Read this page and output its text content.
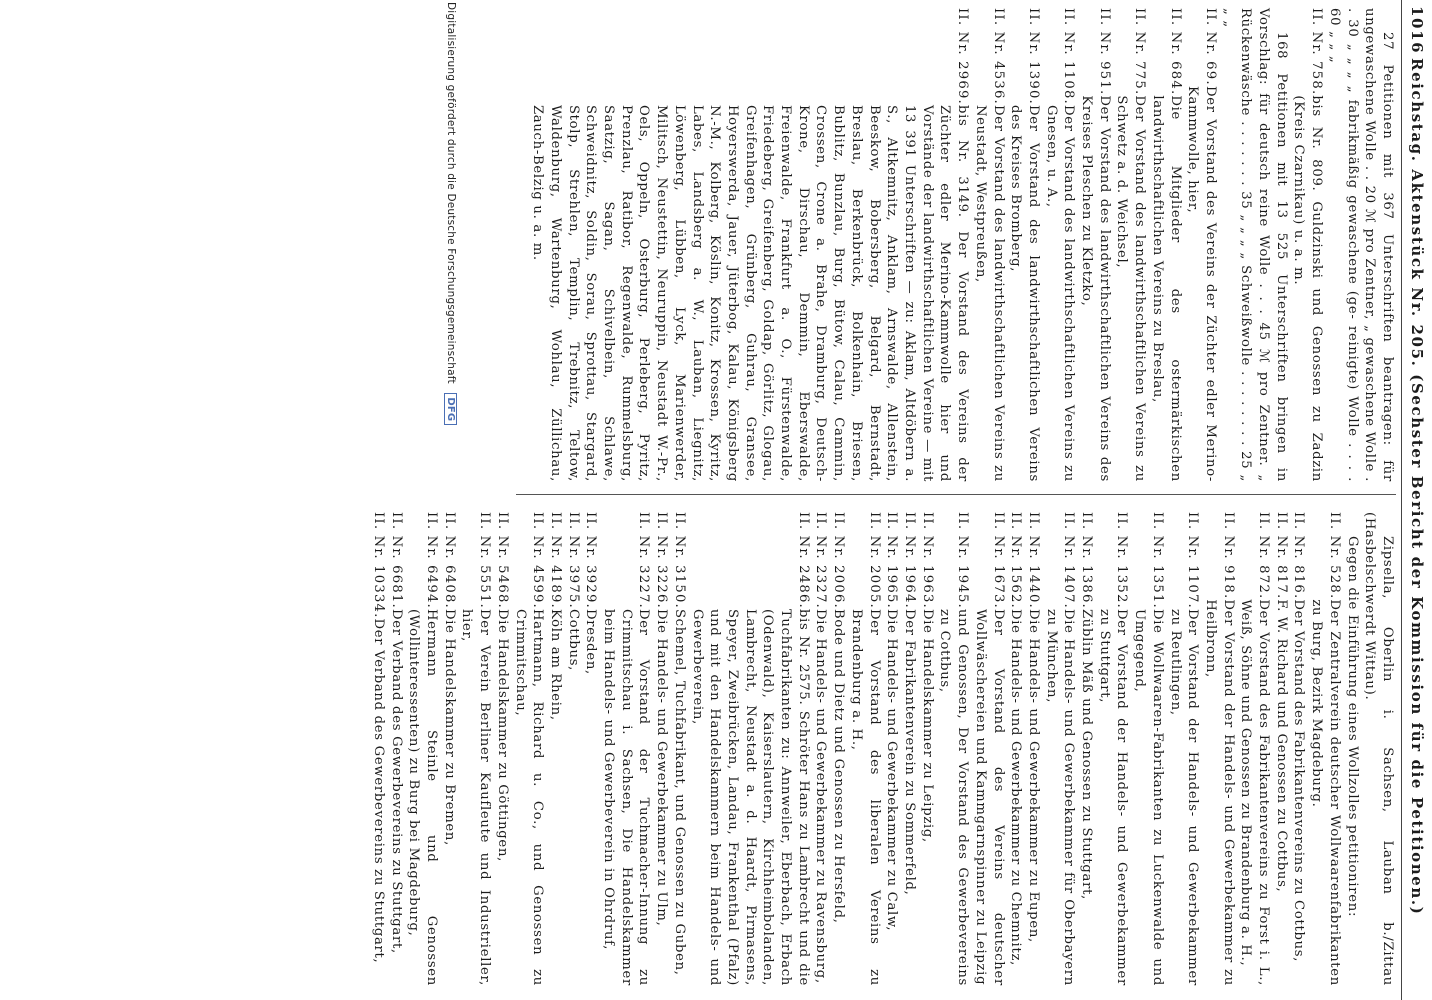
1016
Reichstag. Aktenstück Nr. 205. (Sechster Bericht der Kommission für die Petitionen.)

27 Petitionen mit 367 Unterschriften beantragen: für ungewaschene Wolle . . 20 ℳ pro Zentner, „ gewaschene Wolle . . 30 „ „ „ „ fabrikmäßig gewaschene (ge- reinigte) Wolle . . . . 60 „ „ „

II. Nr. 758.
bis Nr. 809. Guldzinski und Genossen zu Zadzin (Kreis Czarnikau) u. a. m.

168 Petitionen mit 13 525 Unterschriften bringen in Vorschlag: für deutsch reine Wolle . . . 45 ℳ pro Zentner. „ Rückenwäsche . . . . . . . 35 „ „ „ „ Schweißwolle . . . . . . . . 25 „ „ „

II. Nr. 69.
Der Vorstand des Vereins der Züchter edler Merino-Kammwolle, hier,
II. Nr. 684.
Die Mitglieder des ostermärkischen landwirthschaftlichen Vereins zu Breslau,
II. Nr. 775.
Der Vorstand des landwirthschaftlichen Vereins zu Schwetz a. d. Weichsel,
II. Nr. 951.
Der Vorstand des landwirthschaftlichen Vereins des Kreises Pleschen zu Kletzko,
II. Nr. 1108.
Der Vorstand des landwirthschaftlichen Vereins zu Gnesen, u. A.,
II. Nr. 1390.
Der Vorstand des landwirthschaftlichen Vereins des Kreises Bromberg,
II. Nr. 4536.
Der Vorstand des landwirthschaftlichen Vereins zu Neustadt, Westpreußen,
II. Nr. 2969.
bis Nr. 3149. Der Vorstand des Vereins der Züchter edler Merino-Kammwolle hier und Vorstände der landwirthschaftlichen Vereine — mit 13 391 Unterschriften — zu: Aklam, Altdöbern a. S., Altkemnitz, Anklam, Arnswalde, Allenstein, Beeskow, Bobersberg, Belgard, Bernstadt, Breslau, Berkenbrück, Bolkenhain, Briesen, Bublitz, Bunzlau, Burg, Bütow, Calau, Cammin, Crossen, Crone a. Brahe, Dramburg, Deutsch-Krone, Dirschau, Demmin, Eberswalde, Freienwalde, Frankfurt a. O., Fürstenwalde, Friedeberg, Greifenberg, Goldap, Görlitz, Glogau, Greifenhagen, Grünberg, Guhrau, Gransee, Hoyerswerda, Jauer, Jüterbog, Kalau, Königsberg N.-M., Kolberg, Köslin, Konitz, Krossen, Kyritz, Labes, Landsberg a. W., Lauban, Liegnitz, Löwenberg, Lübben, Lyck, Marienwerder, Militsch, Neustettin, Neuruppin, Neustadt W.-Pr., Oels, Oppeln, Osterburg, Perleberg, Pyritz, Prenzlau, Ratibor, Regenwalde, Rummelsburg, Saatzig, Sagan, Schivelbein, Schlawe, Schweidnitz, Soldin, Sorau, Sprottau, Stargard, Stolp, Strehlen, Templin, Trebnitz, Teltow, Waldenburg, Wartenburg, Wohlau, Züllichau, Zauch-Belzig u. a. m.

Zipsella, Oberlin i. Sachsen, Lauban b./Zittau (Hasbelschwerdt Wittau).

Gegen die Einführung eines Wollzolles petitioniren:

II. Nr. 528.
Der Zentralverein deutscher Wollwaarenfabrikanten zu Burg, Bezirk Magdeburg.
II. Nr. 816.
Der Vorstand des Fabrikantenvereins zu Cottbus,
II. Nr. 817.
F. W. Richard und Genossen zu Cottbus,
II. Nr. 872.
Der Vorstand des Fabrikantenvereins zu Forst i. L., Weiß, Söhne und Genossen zu Brandenburg a. H.,
II. Nr. 918.
Der Vorstand der Handels- und Gewerbekammer zu Heilbronn,
II. Nr. 1107.
Der Vorstand der Handels- und Gewerbekammer zu Reutlingen,
II. Nr. 1351.
Die Wollwaaren-Fabrikanten zu Luckenwalde und Umgegend,
II. Nr. 1352.
Der Vorstand der Handels- und Gewerbekammer zu Stuttgart,
II. Nr. 1386.
Züblin Mäß und Genossen zu Stuttgart,
II. Nr. 1407.
Die Handels- und Gewerbekammer für Oberbayern zu München,
II. Nr. 1440.
Die Handels- und Gewerbekammer zu Eupen,
II. Nr. 1562.
Die Handels- und Gewerbekammer zu Chemnitz,
II. Nr. 1673.
Der Vorstand des Vereins deutscher Wollwäschereien und Kammgarnspinner zu Leipzig
II. Nr. 1945.
und Genossen, Der Vorstand des Gewerbevereins zu Cottbus,
II. Nr. 1963.
Die Handelskammer zu Leipzig,
II. Nr. 1964.
Der Fabrikantenverein zu Sommerfeld,
II. Nr. 1965.
Die Handels- und Gewerbekammer zu Calw,
II. Nr. 2005.
Der Vorstand des liberalen Vereins zu Brandenburg a. H.,
II. Nr. 2006.
Bode und Dietz und Genossen zu Hersfeld,
II. Nr. 2327.
Die Handels- und Gewerbekammer zu Ravensburg,
II. Nr. 2486.
bis Nr. 2575. Schröter Hans zu Lambrecht und die Tuchfabrikanten zu: Annweiler, Eberbach, Erbach (Odenwald), Kaiserslautern, Kirchheimbolanden, Lambrecht, Neustadt a. d. Haardt, Pirmasens, Speyer, Zweibrücken, Landau, Frankenthal (Pfalz) und mit den Handelskammern beim Handels- und Gewerbeverein,
II. Nr. 3150.
Schemel, Tuchfabrikant, und Genossen zu Guben,
II. Nr. 3226.
Die Handels- und Gewerbekammer zu Ulm,
II. Nr. 3227.
Der Vorstand der Tuchmacher-Innung zu Crimmitschau i. Sachsen, Die Handelskammer beim Handels- und Gewerbeverein in Ohrdruf,
II. Nr. 3929.
Dresden,
II. Nr. 3975.
Cottbus,
II. Nr. 4189.
Köln am Rhein,
II. Nr. 4599.
Hartmann, Richard u. Co., und Genossen zu Crimmitschau,
II. Nr. 5468.
Die Handelskammer zu Göttingen,
II. Nr. 5551.
Der Verein Berliner Kaufleute und Industrieller, hier,
II. Nr. 6408.
Die Handelskammer zu Bremen,
II. Nr. 6494.
Hermann Steinle und Genossen (Wollinteressenten) zu Burg bei Magdeburg,
II. Nr. 6681.
Der Verband des Gewerbevereins zu Stuttgart,
II. Nr. 10334.
Der Verband des Gewerbevereins zu Stuttgart,
Digitalisierung gefördert durch die Deutsche Forschungsgemeinschaft DFG
